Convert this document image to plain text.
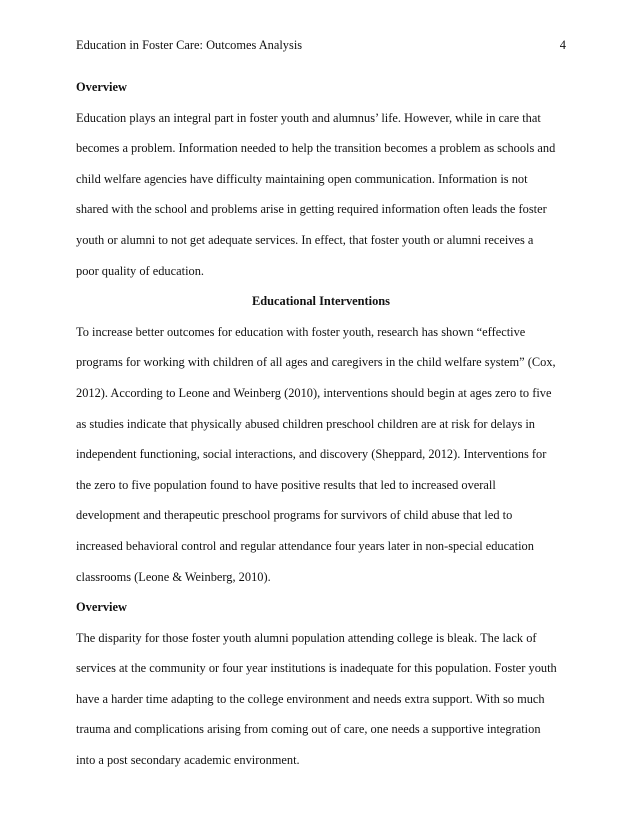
Education in Foster Care: Outcomes Analysis	4
Overview
Education plays an integral part in foster youth and alumnus’ life. However, while in care that
becomes a problem. Information needed to help the transition becomes a problem as schools and
child welfare agencies have difficulty maintaining open communication. Information is not
shared with the school and problems arise in getting required information often leads the foster
youth or alumni to not get adequate services. In effect, that foster youth or alumni receives a
poor quality of education.
Educational Interventions
To increase better outcomes for education with foster youth, research has shown “effective
programs for working with children of all ages and caregivers in the child welfare system” (Cox,
2012). According to Leone and Weinberg (2010), interventions should begin at ages zero to five
as studies indicate that physically abused children preschool children are at risk for delays in
independent functioning, social interactions, and discovery (Sheppard, 2012). Interventions for
the zero to five population found to have positive results that led to increased overall
development and therapeutic preschool programs for survivors of child abuse that led to
increased behavioral control and regular attendance four years later in non-special education
classrooms (Leone & Weinberg, 2010).
Overview
The disparity for those foster youth alumni population attending college is bleak. The lack of
services at the community or four year institutions is inadequate for this population. Foster youth
have a harder time adapting to the college environment and needs extra support. With so much
trauma and complications arising from coming out of care, one needs a supportive integration
into a post secondary academic environment.
